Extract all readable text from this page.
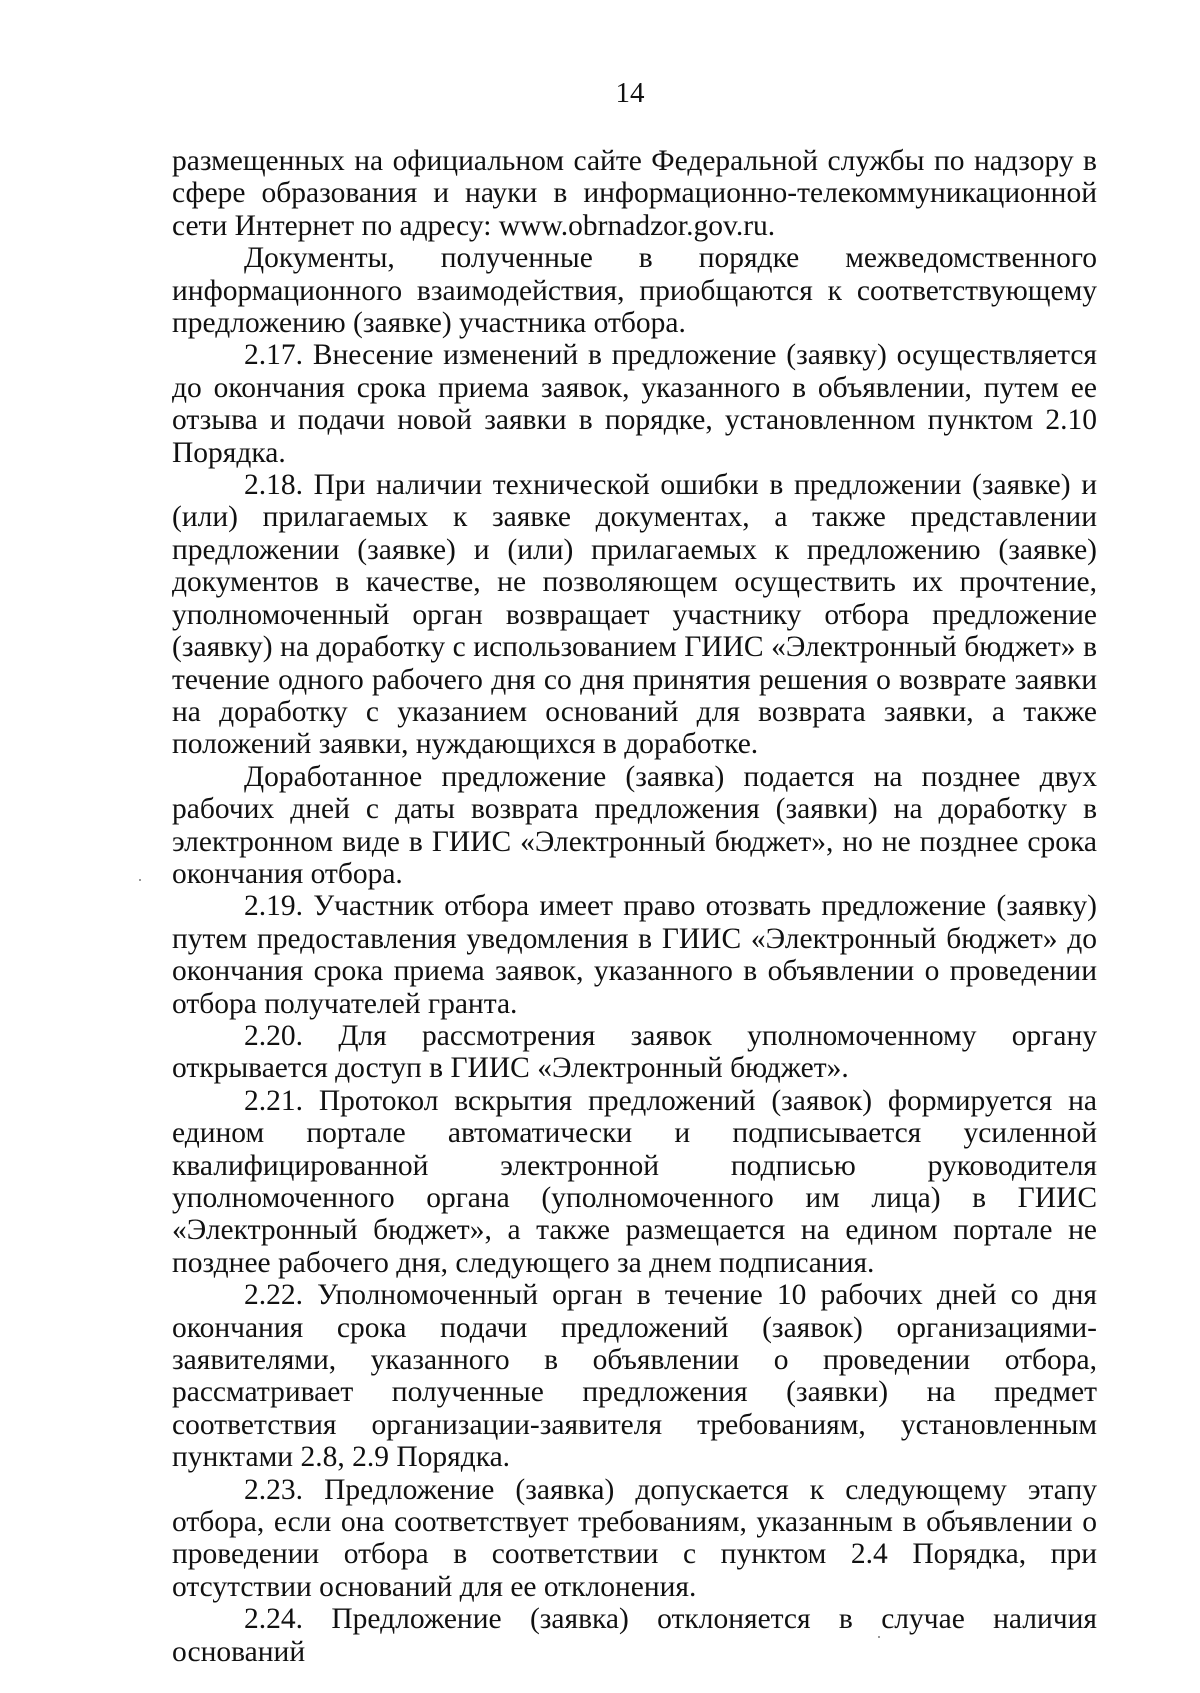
14

размещенных на официальном сайте Федеральной службы по надзору в сфере образования и науки в информационно-телекоммуникационной сети Интернет по адресу: www.obrnadzor.gov.ru.

Документы, полученные в порядке межведомственного информационного взаимодействия, приобщаются к соответствующему предложению (заявке) участника отбора.

2.17. Внесение изменений в предложение (заявку) осуществляется до окончания срока приема заявок, указанного в объявлении, путем ее отзыва и подачи новой заявки в порядке, установленном пунктом 2.10 Порядка.

2.18. При наличии технической ошибки в предложении (заявке) и (или) прилагаемых к заявке документах, а также представлении предложении (заявке) и (или) прилагаемых к предложению (заявке) документов в качестве, не позволяющем осуществить их прочтение, уполномоченный орган возвращает участнику отбора предложение (заявку) на доработку с использованием ГИИС «Электронный бюджет» в течение одного рабочего дня со дня принятия решения о возврате заявки на доработку с указанием оснований для возврата заявки, а также положений заявки, нуждающихся в доработке.

Доработанное предложение (заявка) подается на позднее двух рабочих дней с даты возврата предложения (заявки) на доработку в электронном виде в ГИИС «Электронный бюджет», но не позднее срока окончания отбора.

2.19. Участник отбора имеет право отозвать предложение (заявку) путем предоставления уведомления в ГИИС «Электронный бюджет» до окончания срока приема заявок, указанного в объявлении о проведении отбора получателей гранта.

2.20. Для рассмотрения заявок уполномоченному органу открывается доступ в ГИИС «Электронный бюджет».

2.21. Протокол вскрытия предложений (заявок) формируется на едином портале автоматически и подписывается усиленной квалифицированной электронной подписью руководителя уполномоченного органа (уполномоченного им лица) в ГИИС «Электронный бюджет», а также размещается на едином портале не позднее рабочего дня, следующего за днем подписания.

2.22. Уполномоченный орган в течение 10 рабочих дней со дня окончания срока подачи предложений (заявок) организациями-заявителями, указанного в объявлении о проведении отбора, рассматривает полученные предложения (заявки) на предмет соответствия организации-заявителя требованиям, установленным пунктами 2.8, 2.9 Порядка.

2.23. Предложение (заявка) допускается к следующему этапу отбора, если она соответствует требованиям, указанным в объявлении о проведении отбора в соответствии с пунктом 2.4 Порядка, при отсутствии оснований для ее отклонения.

2.24. Предложение (заявка) отклоняется в случае наличия оснований
